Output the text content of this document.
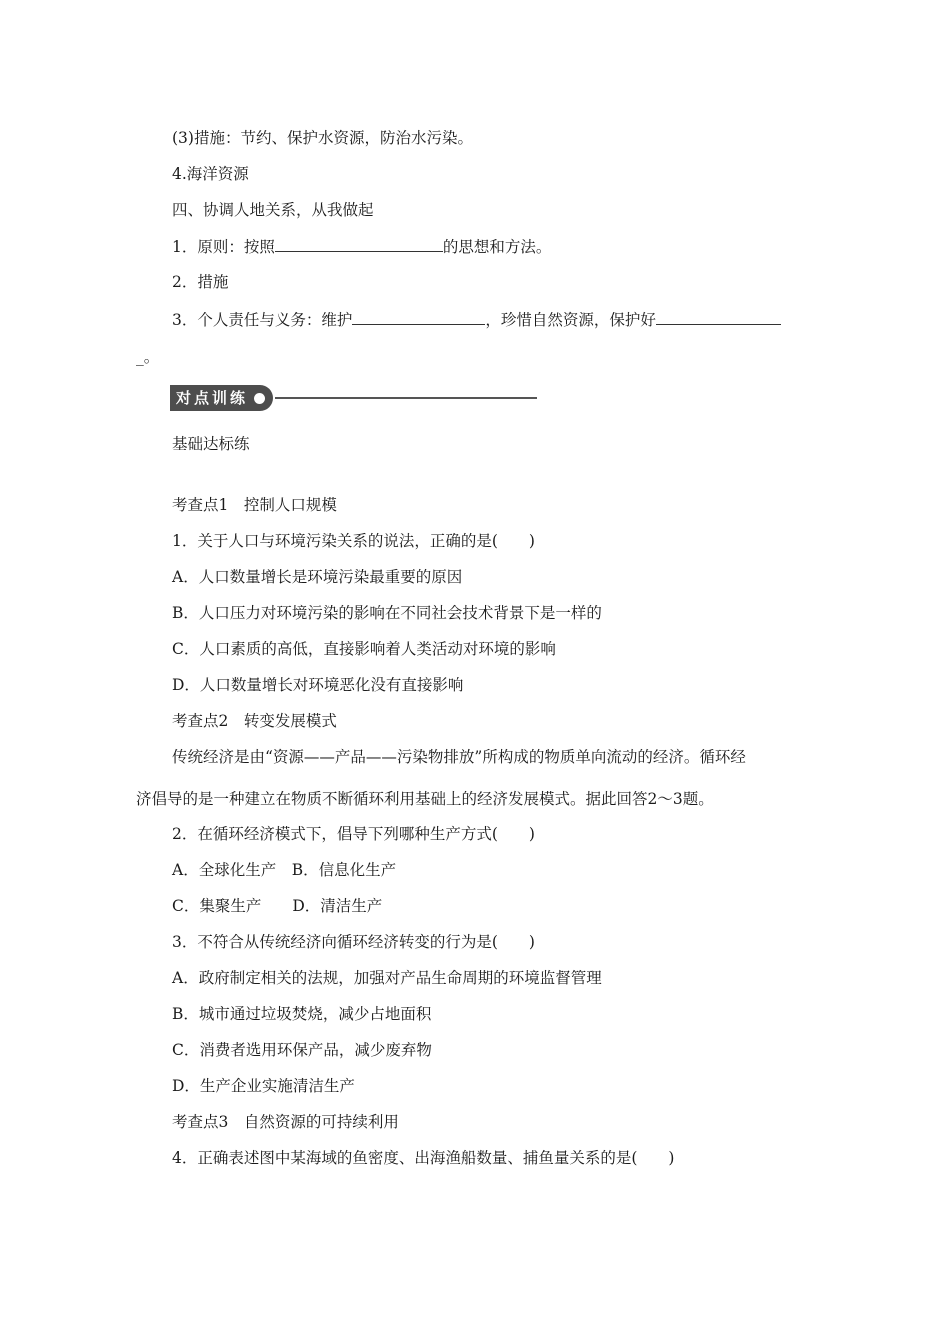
(3)措施：节约、保护水资源，防治水污染。
4.海洋资源
四、协调人地关系，从我做起
1．原则：按照	的思想和方法。
2．措施
3．个人责任与义务：维护	，珍惜自然资源，保护好
_。
对点训练
基础达标练
考查点1　控制人口规模
1．关于人口与环境污染关系的说法，正确的是(　　)
A．人口数量增长是环境污染最重要的原因
B．人口压力对环境污染的影响在不同社会技术背景下是一样的
C．人口素质的高低，直接影响着人类活动对环境的影响
D．人口数量增长对环境恶化没有直接影响
考查点2　转变发展模式
传统经济是由“资源——产品——污染物排放”所构成的物质单向流动的经济。循环经
济倡导的是一种建立在物质不断循环利用基础上的经济发展模式。据此回答2～3题。
2．在循环经济模式下，倡导下列哪种生产方式(　　)
A．全球化生产　B．信息化生产
C．集聚生产　　D．清洁生产
3．不符合从传统经济向循环经济转变的行为是(　　)
A．政府制定相关的法规，加强对产品生命周期的环境监督管理
B．城市通过垃圾焚烧，减少占地面积
C．消费者选用环保产品，减少废弃物
D．生产企业实施清洁生产
考查点3　自然资源的可持续利用
4．正确表述图中某海域的鱼密度、出海渔船数量、捕鱼量关系的是(　　)
